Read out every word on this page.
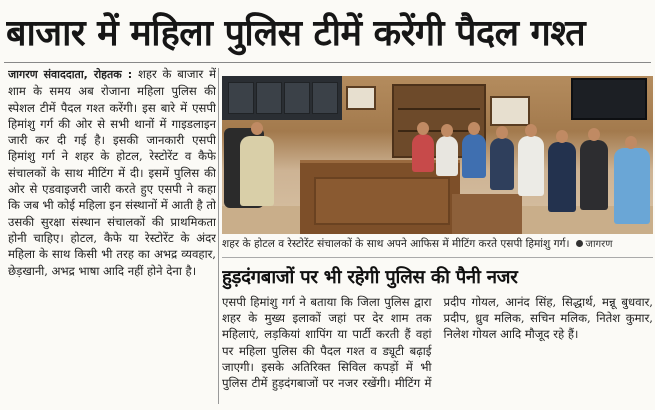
बाजार में महिला पुलिस टीमें करेंगी पैदल गश्त
जागरण संवाददाता, रोहतक : शहर के बाजार में शाम के समय अब रोजाना महिला पुलिस की स्पेशल टीमें पैदल गश्त करेंगी। इस बारे में एसपी हिमांशु गर्ग की ओर से सभी थानों में गाइडलाइन जारी कर दी गई है। इसकी जानकारी एसपी हिमांशु गर्ग ने शहर के होटल, रेस्टोरेंट व कैफे संचालकों के साथ मीटिंग में दी। इसमें पुलिस की ओर से एडवाइजरी जारी करते हुए एसपी ने कहा कि जब भी कोई महिला इन संस्थानों में आती है तो उसकी सुरक्षा संस्थान संचालकों की प्राथमिकता होनी चाहिए। होटल, कैफे या रेस्टोरेंट के अंदर महिला के साथ किसी भी तरह का अभद्र व्यवहार, छेड़खानी, अभद्र भाषा आदि नहीं होने देना है।
शहर के होटल व रेस्टोरेंट संचालकों के साथ अपने आफिस में मीटिंग करते एसपी हिमांशु गर्ग। जागरण
हुड़दंगबाजों पर भी रहेगी पुलिस की पैनी नजर
एसपी हिमांशु गर्ग ने बताया कि जिला पुलिस द्वारा शहर के मुख्य इलाकों जहां पर देर शाम तक महिलाएं, लड़कियां शापिंग या पार्टी करती हैं वहां पर महिला पुलिस की पैदल गश्त व ड्यूटी बढ़ाई जाएगी। इसके अतिरिक्त सिविल कपड़ों में भी पुलिस टीमें हुड़दंगबाजों पर नजर रखेंगी। मीटिंग में प्रदीप गोयल, आनंद सिंह, सिद्धार्थ, मन्नू बुधवार, प्रदीप, ध्रुव मलिक, सचिन मलिक, नितेश कुमार, निलेश गोयल आदि मौजूद रहे हैं।
